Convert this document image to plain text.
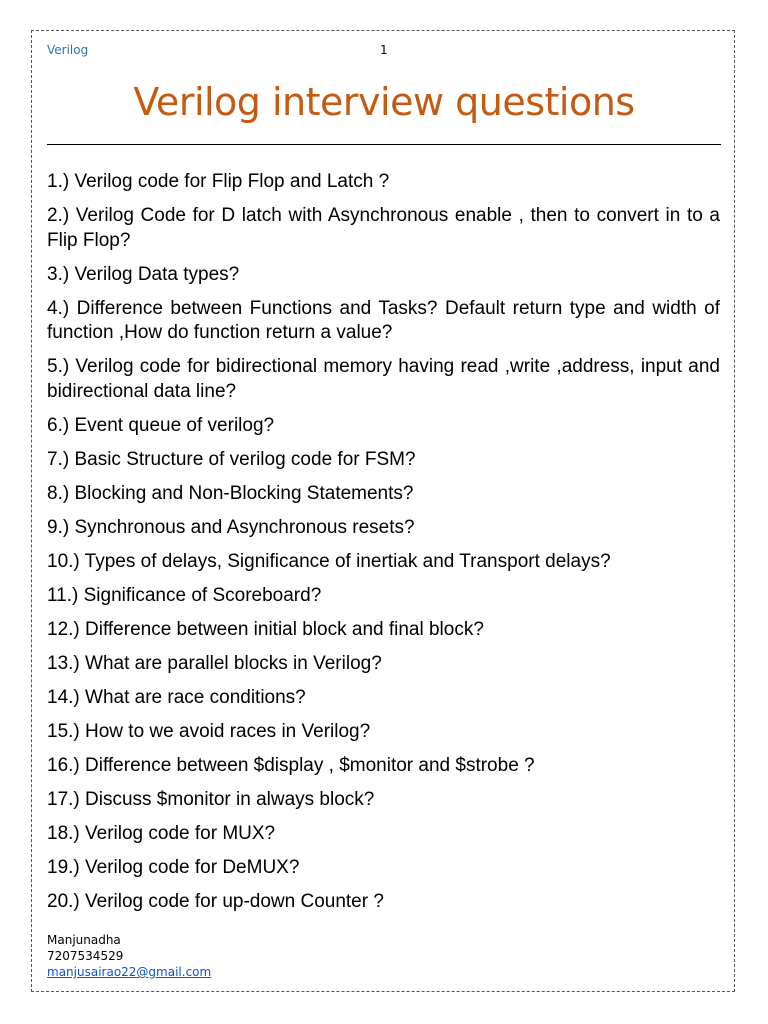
Verilog	1
Verilog interview questions
1.) Verilog code for Flip Flop and Latch ?
2.) Verilog Code for D latch with Asynchronous enable , then to convert in to a Flip Flop?
3.) Verilog Data types?
4.) Difference between Functions and Tasks? Default return type and width of function ,How do function return a value?
5.) Verilog code for bidirectional memory having read ,write ,address, input and bidirectional data line?
6.) Event queue of verilog?
7.) Basic Structure of verilog code for FSM?
8.) Blocking and Non-Blocking Statements?
9.) Synchronous and Asynchronous resets?
10.) Types of delays, Significance of inertiak and Transport delays?
11.) Significance of Scoreboard?
12.) Difference between initial block and final block?
13.) What are parallel blocks in Verilog?
14.) What are race conditions?
15.) How to we avoid races in Verilog?
16.) Difference between $display , $monitor and $strobe ?
17.) Discuss $monitor in always block?
18.) Verilog code for MUX?
19.) Verilog code for DeMUX?
20.) Verilog code for up-down Counter ?
Manjunadha
7207534529
manjusairao22@gmail.com
